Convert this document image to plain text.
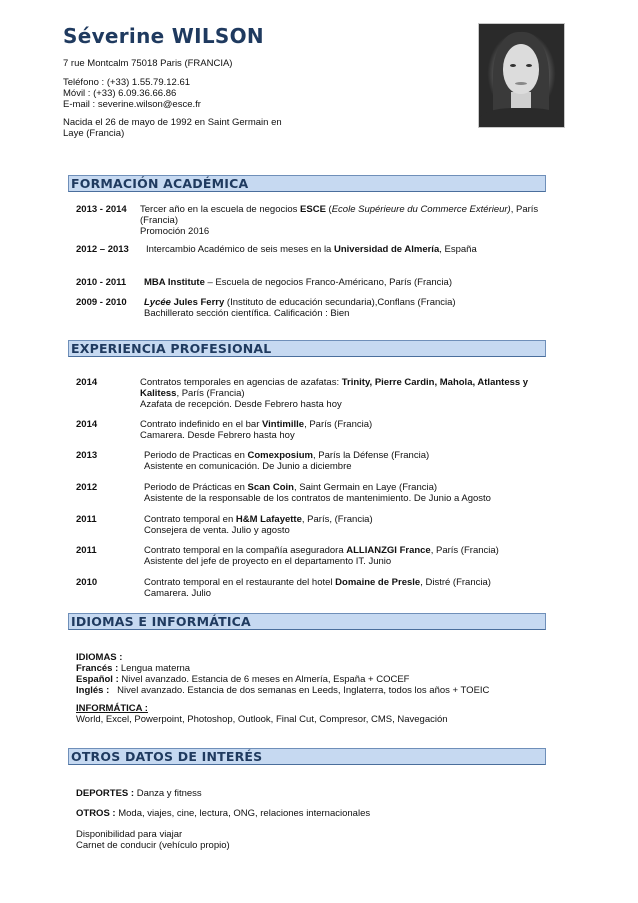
Séverine WILSON
7 rue Montcalm 75018 Paris (FRANCIA)
Teléfono : (+33) 1.55.79.12.61
Móvil : (+33) 6.09.36.66.86
E-mail : severine.wilson@esce.fr
Nacida el 26 de mayo de 1992 en Saint Germain en
Laye (Francia)
FORMACIÓN ACADÉMICA
2013 - 2014 Tercer año en la escuela de negocios ESCE (Ecole Supérieure du Commerce Extérieur), París
(Francia)
Promoción 2016
2012 – 2013 Intercambio Académico de seis meses en la Universidad de Almería, España
2010 - 2011 MBA Institute – Escuela de negocios Franco-Américano, París (Francia)
2009 - 2010 Lycée Jules Ferry (Instituto de educación secundaria),Conflans (Francia)
Bachillerato sección científica. Calificación : Bien
EXPERIENCIA PROFESIONAL
2014	Contratos temporales en agencias de azafatas: Trinity, Pierre Cardin, Mahola, Atlantess y
Kalitess, París (Francia)
Azafata de recepción. Desde Febrero hasta hoy
2014	Contrato indefinido en el bar Vintimille, París (Francia)
Camarera. Desde Febrero hasta hoy
2013	Periodo de Practicas en Comexposium, París la Défense (Francia)
Asistente en comunicación. De Junio a diciembre
2012	Periodo de Prácticas en Scan Coin, Saint Germain en Laye (Francia)
Asistente de la responsable de los contratos de mantenimiento. De Junio a Agosto
2011	Contrato temporal en H&M Lafayette, París, (Francia)
Consejera de venta. Julio y agosto
2011	Contrato temporal en la compañía aseguradora ALLIANZGI France, París (Francia)
Asistente del jefe de proyecto en el departamento IT. Junio
2010	Contrato temporal en el restaurante del hotel Domaine de Presle, Distré (Francia)
Camarera. Julio
IDIOMAS E INFORMÁTICA
IDIOMAS :
Francés : Lengua materna
Español : Nivel avanzado. Estancia de 6 meses en Almería, España + COCEF
Inglés :   Nivel avanzado. Estancia de dos semanas en Leeds, Inglaterra, todos los años + TOEIC
INFORMÁTICA :
World, Excel, Powerpoint, Photoshop, Outlook, Final Cut, Compresor, CMS, Navegación
OTROS DATOS DE INTERÉS
DEPORTES : Danza y fitness
OTROS : Moda, viajes, cine, lectura, ONG, relaciones internacionales
Disponibilidad para viajar
Carnet de conducir (vehículo propio)
